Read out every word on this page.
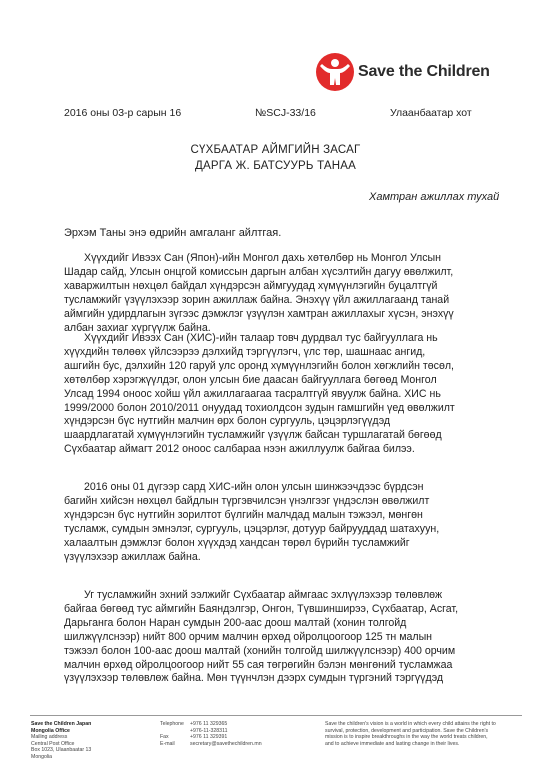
Save the Children
2016 оны 03-р сарын 16	№SCJ-33/16	Улаанбаатар хот
СҮХБААТАР АЙМГИЙН ЗАСАГ
ДАРГА Ж. БАТСУУРЬ ТАНАА
Хамтран ажиллах тухай
Эрхэм Таны энэ өдрийн амгаланг айлтгая.
Хүүхдийг Ивээх Сан (Япон)-ийн Монгол дахь хөтөлбөр нь Монгол Улсын
Шадар сайд, Улсын онцгой комиссын даргын албан хүсэлтийн дагуу өвөлжилт,
хаваржилтын нөхцөл байдал хүндэрсэн аймгуудад хүмүүнлэгийн буцалтгүй
тусламжийг үзүүлэхээр зорин ажиллаж байна. Энэхүү үйл ажиллагаанд танай
аймгийн удирдлагын зүгээс дэмжлэг үзүүлэн хамтран ажиллахыг хүсэн, энэхүү
албан захиаг хүргүүлж байна.
Хүүхдийг Ивээх Сан (ХИС)-ийн талаар товч дурдвал тус байгууллага нь
хүүхдийн төлөөх үйлсээрээ дэлхийд тэргүүлэгч, үлс төр, шашнаас ангид,
ашгийн бус, дэлхийн 120 гаруй улс оронд хүмүүнлэгийн болон хөгжлийн төсөл,
хөтөлбөр хэрэгжүүлдэг, олон улсын бие даасан байгууллага бөгөөд Монгол
Улсад 1994 оноос хойш үйл ажиллагаагаа тасралтгүй явуулж байна. ХИС нь
1999/2000 болон 2010/2011 онуудад тохиолдсон зудын гамшгийн үед өвөлжилт
хүндэрсэн бүс нутгийн малчин өрх болон сургууль, цэцэрлэгүүдэд
шаардлагатай хүмүүнлэгийн тусламжийг үзүүлж байсан туршлагатай бөгөөд
Сүхбаатар аймагт 2012 оноос салбараа нээн ажиллуулж байгаа билээ.
2016 оны 01 дүгээр сард ХИС-ийн олон улсын шинжээчдээс бүрдсэн
багийн хийсэн нөхцөл байдлын түргэвчилсэн үнэлгээг үндэслэн өвөлжилт
хүндэрсэн бүс нутгийн зорилтот бүлгийн малчдад малын тэжээл, мөнгөн
тусламж, сумдын эмнэлэг, сургууль, цэцэрлэг, дотуур байрууддад шатахуун,
халаалтын дэмжлэг болон хүүхдэд хандсан төрөл бүрийн тусламжийг
үзүүлэхээр ажиллаж байна.
Уг тусламжийн эхний ээлжийг Сүхбаатар аймгаас эхлүүлэхээр төлөвлөж
байгаа бөгөөд тус аймгийн Баяндэлгэр, Онгон, Түвшинширээ, Сүхбаатар, Асгат,
Дарьганга болон Наран сумдын 200-аас доош малтай (хонин толгойд
шилжүүлснээр) нийт 800 орчим малчин өрхөд ойролцоогоор 125 тн малын
тэжээл болон 100-аас доош малтай (хонийн толгойд шилжүүлснээр) 400 орчим
малчин өрхөд ойролцоогоор нийт 55 сая төгрөгийн бэлэн мөнгөний тусламжаа
үзүүлэхээр төлөвлөж байна. Мөн түүнчлэн дээрх сумдын түргэний тэргүүдэд
Save the Children Japan
Mongolia Office
Mailing address
Central Post Office
Box 1023, Ulaanbaatar 13
Mongolia
Telephone

Fax
E-mail
+976 11 329365
+976-11-328311
+976 11 329391
secretary@savethechildren.mn
Save the children's vision is a world in which every child attains the right to
survival, protection, development and participation. Save the Children's
mission is to inspire breakthroughs in the way the world treats children,
and to achieve immediate and lasting change in their lives.
